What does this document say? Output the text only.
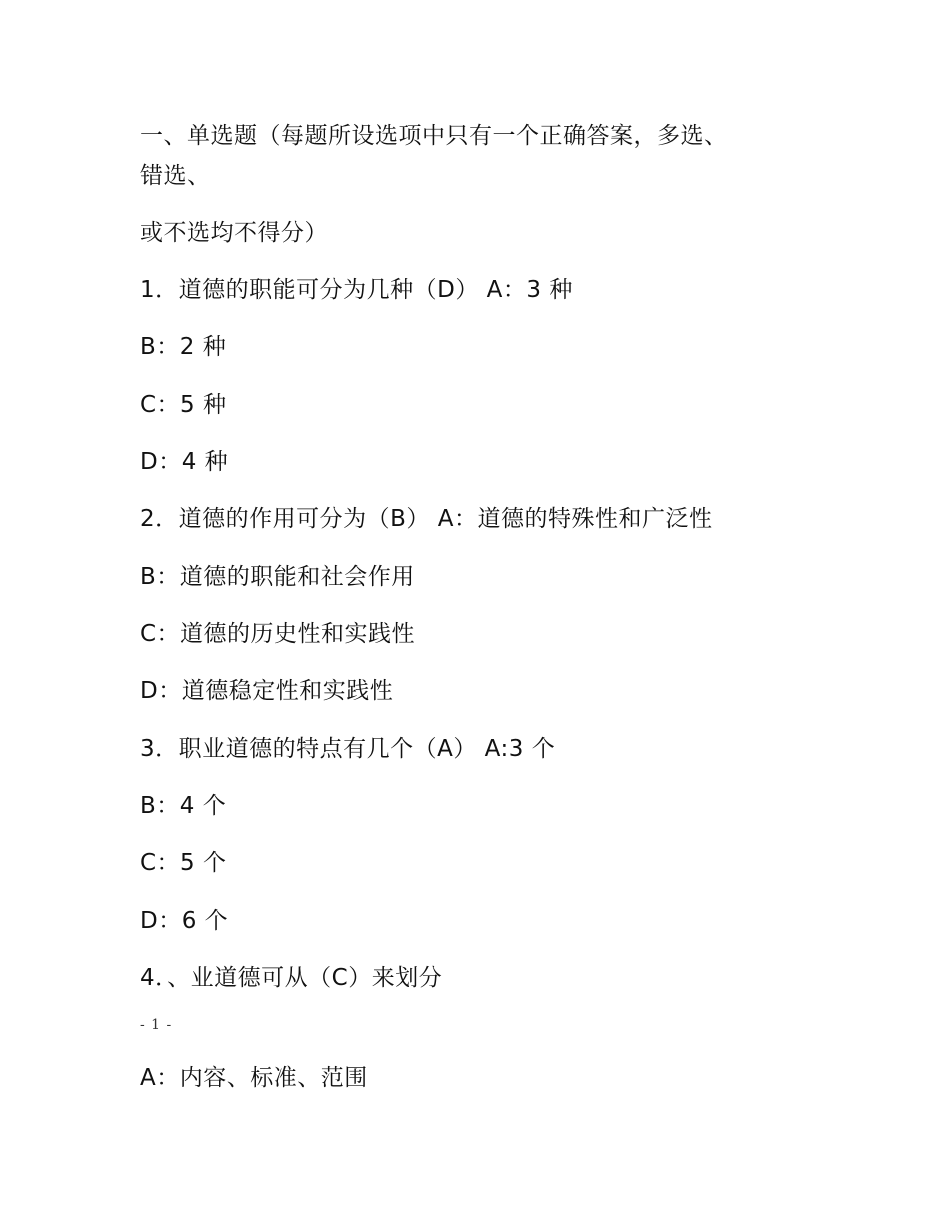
一、单选题（每题所设选项中只有一个正确答案，多选、
错选、
或不选均不得分）
1．道德的职能可分为几种（D） A：3 种
B：2 种
C：5 种
D：4 种
2．道德的作用可分为（B） A：道德的特殊性和广泛性
B：道德的职能和社会作用
C：道德的历史性和实践性
D：道德稳定性和实践性
3．职业道德的特点有几个（A） A:3 个
B：4 个
C：5 个
D：6 个
4．、业道德可从（C）来划分
- 1 -
A：内容、标准、范围
